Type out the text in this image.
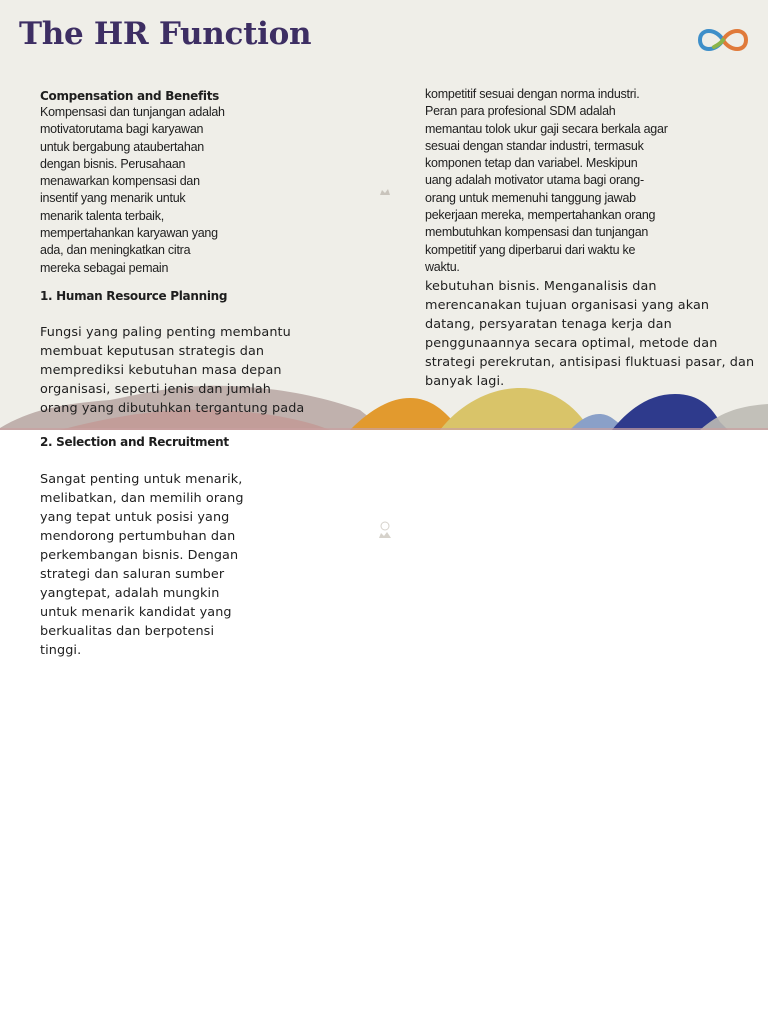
The HR Function
Compensation and Benefits
Kompensasi dan tunjangan adalah
motivatorutama bagi karyawan
untuk bergabung ataubertahan
dengan bisnis. Perusahaan
menawarkan kompensasi dan
insentif yang menarik untuk
menarik talenta terbaik,
mempertahankan karyawan yang
ada, dan meningkatkan citra
mereka sebagai pemain
1. Human Resource Planning
Fungsi yang paling penting membantu
membuat keputusan strategis dan
memprediksi kebutuhan masa depan
organisasi, seperti jenis dan jumlah
orang yang dibutuhkan tergantung pada
kompetitif sesuai dengan norma industri.
Peran para profesional SDM adalah
memantau tolok ukur gaji secara berkala agar
sesuai dengan standar industri, termasuk
komponen tetap dan variabel. Meskipun
uang adalah motivator utama bagi orang-
orang untuk memenuhi tanggung jawab
pekerjaan mereka, mempertahankan orang
membutuhkan kompensasi dan tunjangan
kompetitif yang diperbarui dari waktu ke
waktu.
kebutuhan bisnis. Menganalisis dan
merencanakan tujuan organisasi yang akan
datang, persyaratan tenaga kerja dan
penggunaannya secara optimal, metode dan
strategi perekrutan, antisipasi fluktuasi pasar, dan
banyak lagi.
2. Selection and Recruitment
Sangat penting untuk menarik,
melibatkan, dan memilih orang
yang tepat untuk posisi yang
mendorong pertumbuhan dan
perkembangan bisnis. Dengan
strategi dan saluran sumber
yangtepat, adalah mungkin
untuk menarik kandidat yang
berkualitas dan berpotensi
tinggi.
